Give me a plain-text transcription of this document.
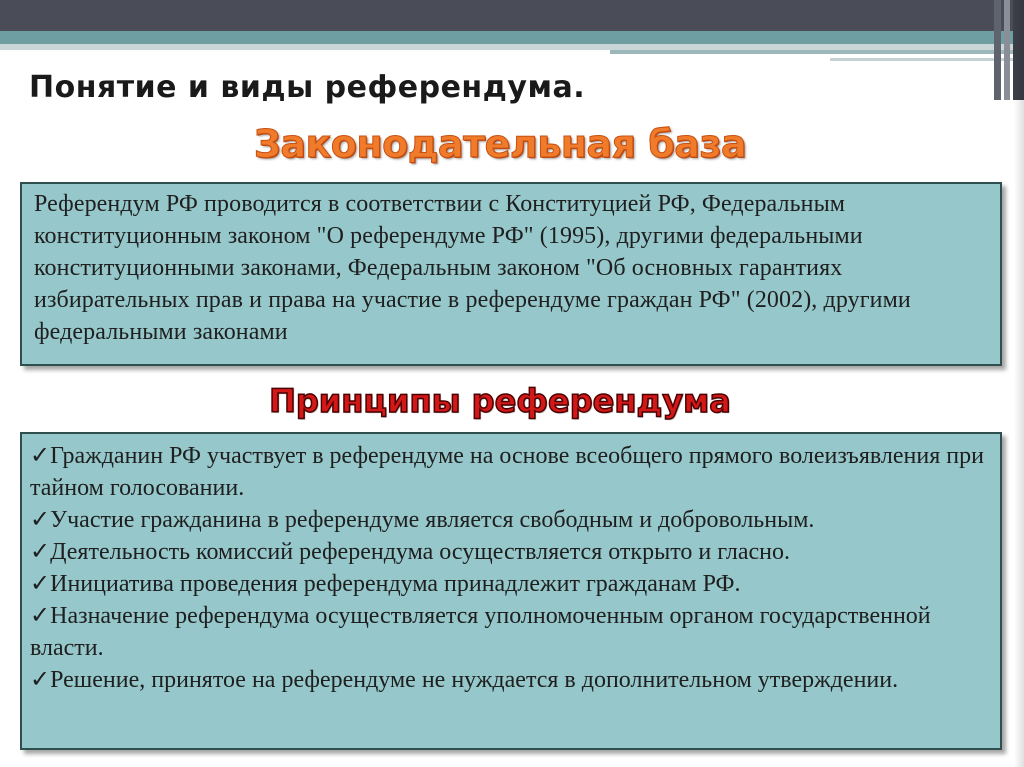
Понятие и виды референдума.
Законодательная база

Референдум РФ проводится в соответствии с Конституцией РФ, Федеральным конституционным законом "О референдуме РФ" (1995), другими федеральными конституционными законами, Федеральным законом "Об основных гарантиях избирательных прав и права на участие в референдуме граждан РФ" (2002), другими федеральными законами

Принципы референдума

✓Гражданин РФ участвует в референдуме на основе всеобщего прямого волеизъявления при тайном голосовании.

✓Участие гражданина в референдуме является свободным и добровольным.

✓Деятельность комиссий референдума осуществляется открыто и гласно.

✓Инициатива проведения референдума принадлежит гражданам РФ.

✓Назначение референдума осуществляется уполномоченным органом государственной власти.

✓Решение, принятое на референдуме не нуждается в дополнительном утверждении.
